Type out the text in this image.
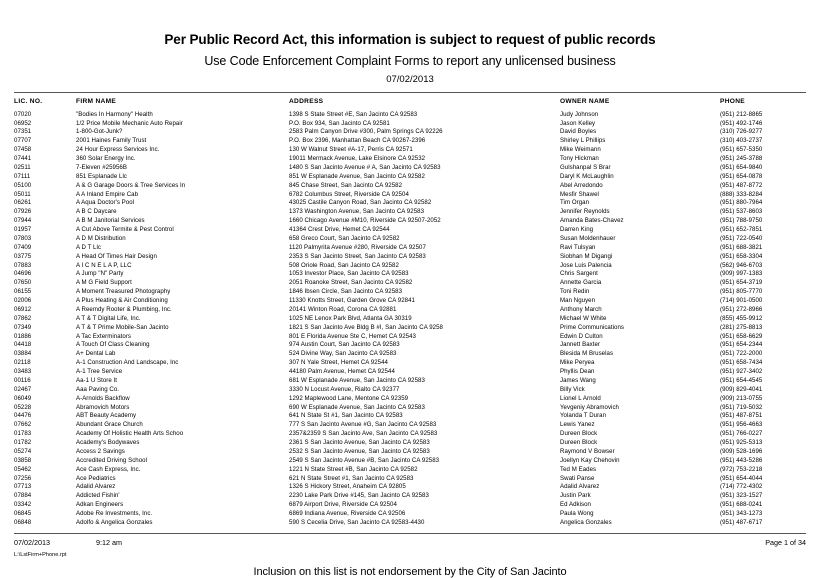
Per Public Record Act, this information is subject to request of public records
Use Code Enforcement Complaint Forms to report any unlicensed business
07/02/2013
LIC. NO.	FIRM NAME	ADDRESS	OWNER NAME	PHONE
07020	"Bodies In Harmony" Health	1398 S State Street #E, San Jacinto CA 92583	Judy Johnson	(951) 212-8865
06952	1/2 Price Mobile Mechanic Auto Repair	P.O. Box 934, San Jacinto CA 92581	Jason Kelley	(951) 492-1746
07351	1-800-Got-Junk?	2583 Palm Canyon Drive #300, Palm Springs CA 92226	David Boyles	(310) 726-9277
07707	2001 Haines Family Trust	P.O. Box 2396, Manhattan Beach CA 90267-2396	Shirley L Phillips	(310) 403-2737
07458	24 Hour Express Services Inc.	130 W Walnut Street #A-17, Perris CA 92571	Mike Weimann	(951) 657-5350
07441	360 Solar Energy Inc.	19011 Mermack Avenue, Lake Elsinore CA 92532	Tony Hickman	(951) 245-3788
02511	7-Eleven #25956B	1480 S San Jacinto Avenue # A, San Jacinto CA 92583	Gulshanpal S Brar	(951) 654-9840
07111	851 Esplanade Llc	851 W Esplanade Avenue, San Jacinto CA 92582	Daryl K McLaughlin	(951) 654-0878
05100	A & G Garage Doors & Tree Services In	845 Chase Street, San Jacinto CA 92582	Abel Arredondo	(951) 487-8772
05011	A A Inland Empire Cab	6782 Columbus Street, Riverside CA 92504	Mesfir Shawel	(888) 333-8284
06261	A Aqua Doctor's Pool	43025 Castile Canyon Road, San Jacinto CA 92582	Tim Organ	(951) 880-7964
07926	A B C Daycare	1373 Washington Avenue, San Jacinto CA 92583	Jennifer Reynolds	(951) 537-8603
07944	A B M Janitorial Services	1660 Chicago Avenue #M10, Riverside CA 92507-2052	Amanda Bates-Chavez	(951) 788-9750
01957	A Cut Above Termite & Pest Control	41364 Crest Drive, Hemet CA 92544	Darren King	(951) 652-7851
07803	A D M Distribution	658 Greco Court, San Jacinto CA 92582	Susan Moldenhauer	(951) 722-0540
07409	A D T Llc	1120 Palmyrita Avenue #280, Riverside CA 92507	Ravi Tulsyan	(951) 688-3821
03775	A Head Of Times Hair Design	2353 S San Jacinto Street, San Jacinto CA 92583	Siobhan M Digangi	(951) 658-3304
07883	A I C N E L A P, LLC	508 Oriole Road, San Jacinto CA 92582	Jose Luis Palencia	(562) 946-6703
04696	A Jump "N" Party	1053 Investor Place, San Jacinto CA 92583	Chris Sargent	(909) 997-1383
07650	A M G Field Support	2051 Roanoke Street, San Jacinto CA 92582	Annette Garcia	(951) 654-3719
06155	A Moment Treasured Photography	1846 Ibsen Circle, San Jacinto CA 92583	Toni Redin	(951) 805-7770
02006	A Plus Heating & Air Conditioning	11330 Knotts Street, Garden Grove CA 92841	Man Nguyen	(714) 901-0500
06912	A Reemdy Rooter & Plumbing, Inc.	20141 Winton Road, Corona CA 92881	Anthony March	(951) 272-8966
07862	A T & T Digital Life, Inc.	1025 NE Lenox Park Blvd, Atlanta GA 30319	Michael W White	(855) 455-9912
07349	A T & T Prime Mobile-San Jacinto	1821 S San Jacinto Ave Bldg B #I, San Jacinto CA 9258	Prime Communications	(281) 275-8813
01886	A Tac Exterminators	801 E Florida Avenue Ste C, Hemet CA 92543	Edwin D Culton	(951) 658-6629
04418	A Touch Of Class Cleaning	974 Austin Court, San Jacinto CA 92583	Jannett Baxter	(951) 654-2344
03884	A+ Dental Lab	524 Divine Way, San Jacinto CA 92583	Blesida M Bruselas	(951) 722-2000
02118	A-1 Construction And Landscape, Inc	307 N Yale Street, Hemet CA 92544	Mike Peryea	(951) 658-7434
03483	A-1 Tree Service	44180 Palm Avenue, Hemet CA 92544	Phyllis Dean	(951) 927-3402
00116	Aa-1 U Store It	681 W Esplanade Avenue, San Jacinto CA 92583	James Wang	(951) 654-4545
02467	Aaa Paving Co.	3330 N Locust Avenue, Rialto CA 92377	Billy Vick	(909) 829-4041
06049	A-Arnolds Backflow	1292 Maplewood Lane, Mentone CA 92359	Lionel L Arnold	(909) 213-0755
05228	Abramovich Motors	690 W Esplanade Avenue, San Jacinto CA 92583	Yevgeniy Abramovich	(951) 719-5032
04476	ABT Beauty Academy	641 N State St #1, San Jacinto CA 92583	Yolanda T Duran	(951) 487-8751
07662	Abundant Grace Church	777 S San Jacinto Avenue #G, San Jacinto CA 92583	Lewis Yanez	(951) 956-4663
01783	Academy Of Holistic Health Arts Schoo	2357&2359 S San Jacinto Ave, San Jacinto CA 92583	Dureen Block	(951) 766-0227
01782	Academy's Bodywaves	2361 S San Jacinto Avenue, San Jacinto CA 92583	Dureen Block	(951) 925-5313
05274	Access 2 Savings	2532 S San Jacinto Avenue, San Jacinto CA 92583	Raymond V Bowser	(909) 528-1696
03858	Accredited Driving School	2549 S San Jacinto Avenue #B, San Jacinto CA 92583	Joellyn Kay Chehovin	(951) 443-5286
05462	Ace Cash Express, Inc.	1221 N State Street #B, San Jacinto CA 92582	Ted M Eades	(972) 753-2218
07256	Ace Pediatrics	621 N State Street #1, San Jacinto CA 92583	Swati Panse	(951) 654-4044
07713	Adalid Alvarez	1326 S Hickory Street, Anaheim CA 92805	Adalid Alvarez	(714) 772-4302
07884	Addicted Fishin'	2230 Lake Park Drive #145, San Jacinto CA 92583	Justin Park	(951) 323-1527
03342	Adkan Engineers	6879 Airport Drive, Riverside CA 92504	Ed Adkison	(951) 688-0241
06845	Adobe Re Investments, Inc.	6869 Indiana Avenue, Riverside CA 92506	Paula Wong	(951) 343-1273
06848	Adolfo & Angelica Gonzales	590 S Cecelia Drive, San Jacinto CA 92583-4430	Angelica Gonzales	(951) 487-6717
07/02/2013	9:12 am	Page 1 of 34
L:\LstFirm+Phone.rpt
Inclusion on this list is not endorsement by the City of San Jacinto
